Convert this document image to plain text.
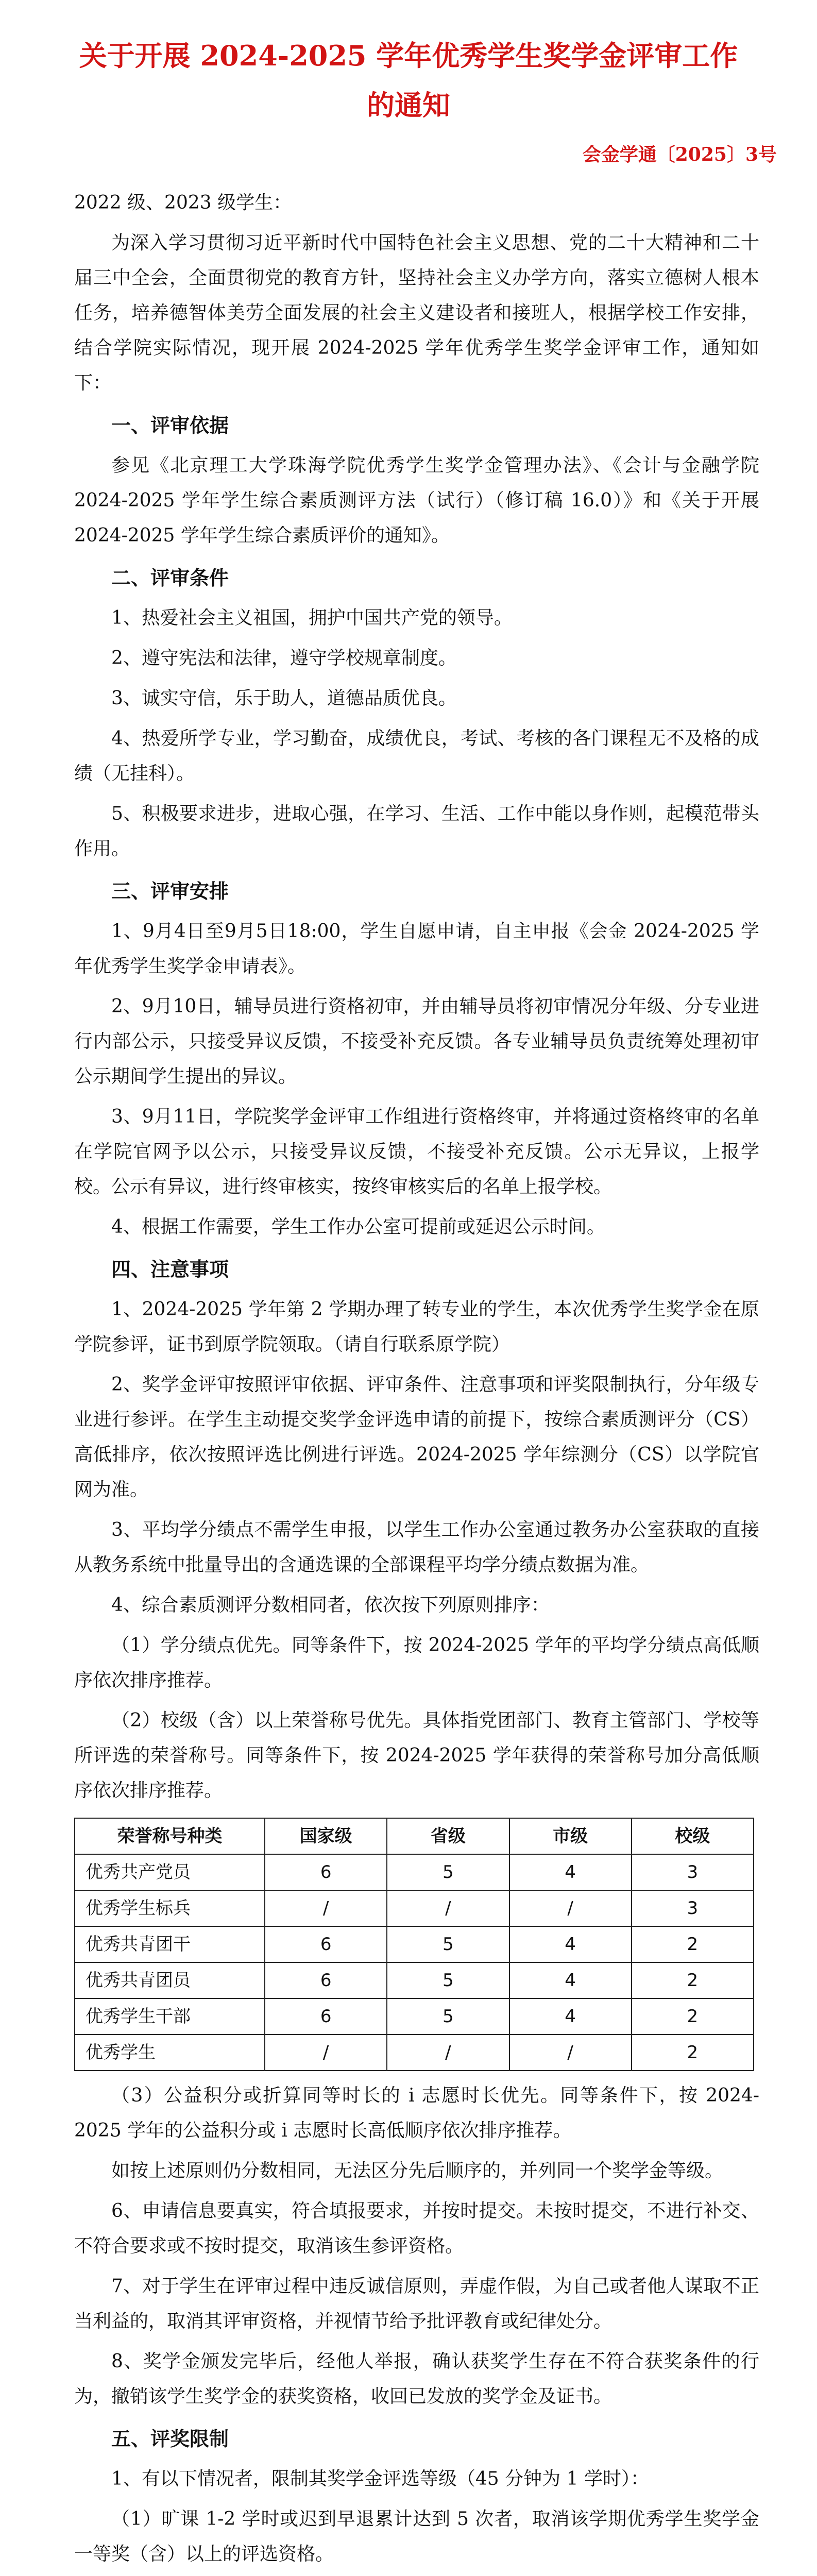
关于开展 2024-2025 学年优秀学生奖学金评审工作
的通知
会金学通〔2025〕3号

2022 级、2023 级学生：

为深入学习贯彻习近平新时代中国特色社会主义思想、党的二十大精神和二十届三中全会，全面贯彻党的教育方针，坚持社会主义办学方向，落实立德树人根本任务，培养德智体美劳全面发展的社会主义建设者和接班人，根据学校工作安排，结合学院实际情况，现开展 2024-2025 学年优秀学生奖学金评审工作，通知如下：

一、评审依据

参见《北京理工大学珠海学院优秀学生奖学金管理办法》、《会计与金融学院 2024-2025 学年学生综合素质测评方法（试行）（修订稿 16.0）》和《关于开展 2024-2025 学年学生综合素质评价的通知》。

二、评审条件

1、热爱社会主义祖国，拥护中国共产党的领导。

2、遵守宪法和法律，遵守学校规章制度。

3、诚实守信，乐于助人，道德品质优良。

4、热爱所学专业，学习勤奋，成绩优良，考试、考核的各门课程无不及格的成绩（无挂科）。

5、积极要求进步，进取心强，在学习、生活、工作中能以身作则，起模范带头作用。

三、评审安排

1、9月4日至9月5日18:00，学生自愿申请，自主申报《会金 2024-2025 学年优秀学生奖学金申请表》。

2、9月10日，辅导员进行资格初审，并由辅导员将初审情况分年级、分专业进行内部公示，只接受异议反馈，不接受补充反馈。各专业辅导员负责统筹处理初审公示期间学生提出的异议。

3、9月11日，学院奖学金评审工作组进行资格终审，并将通过资格终审的名单在学院官网予以公示，只接受异议反馈，不接受补充反馈。公示无异议，上报学校。公示有异议，进行终审核实，按终审核实后的名单上报学校。

4、根据工作需要，学生工作办公室可提前或延迟公示时间。

四、注意事项

1、2024-2025 学年第 2 学期办理了转专业的学生，本次优秀学生奖学金在原学院参评，证书到原学院领取。（请自行联系原学院）

2、奖学金评审按照评审依据、评审条件、注意事项和评奖限制执行，分年级专业进行参评。在学生主动提交奖学金评选申请的前提下，按综合素质测评分（CS）高低排序，依次按照评选比例进行评选。2024-2025 学年综测分（CS）以学院官网为准。

3、平均学分绩点不需学生申报，以学生工作办公室通过教务办公室获取的直接从教务系统中批量导出的含通选课的全部课程平均学分绩点数据为准。

4、综合素质测评分数相同者，依次按下列原则排序：

（1）学分绩点优先。同等条件下，按 2024-2025 学年的平均学分绩点高低顺序依次排序推荐。

（2）校级（含）以上荣誉称号优先。具体指党团部门、教育主管部门、学校等所评选的荣誉称号。同等条件下，按 2024-2025 学年获得的荣誉称号加分高低顺序依次排序推荐。

荣誉称号种类	国家级	省级	市级	校级
优秀共产党员	6	5	4	3
优秀学生标兵	/	/	/	3
优秀共青团干	6	5	4	2
优秀共青团员	6	5	4	2
优秀学生干部	6	5	4	2
优秀学生	/	/	/	2

（3）公益积分或折算同等时长的 i 志愿时长优先。同等条件下，按 2024-2025 学年的公益积分或 i 志愿时长高低顺序依次排序推荐。

如按上述原则仍分数相同，无法区分先后顺序的，并列同一个奖学金等级。

6、申请信息要真实，符合填报要求，并按时提交。未按时提交，不进行补交、不符合要求或不按时提交，取消该生参评资格。

7、对于学生在评审过程中违反诚信原则，弄虚作假，为自己或者他人谋取不正当利益的，取消其评审资格，并视情节给予批评教育或纪律处分。

8、奖学金颁发完毕后，经他人举报，确认获奖学生存在不符合获奖条件的行为，撤销该学生奖学金的获奖资格，收回已发放的奖学金及证书。

五、评奖限制

1、有以下情况者，限制其奖学金评选等级（45 分钟为 1 学时）：

（1）旷课 1-2 学时或迟到早退累计达到 5 次者，取消该学期优秀学生奖学金一等奖（含）以上的评选资格。
